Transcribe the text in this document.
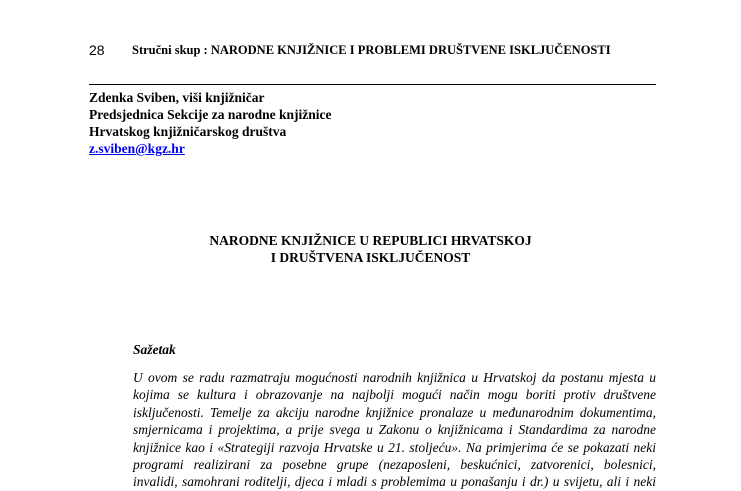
28 Stručni skup : NARODNE KNJIŽNICE I PROBLEMI DRUŠTVENE ISKLJUČENOSTI
Zdenka Sviben, viši knjižničar
Predsjednica Sekcije za narodne knjižnice
Hrvatskog knjižničarskog društva
z.sviben@kgz.hr
NARODNE KNJIŽNICE U REPUBLICI HRVATSKOJ
I DRUŠTVENA ISKLJUČENOST
Sažetak
U ovom se radu razmatraju mogućnosti narodnih knjižnica u Hrvatskoj da postanu mjesta u
kojima se kultura i obrazovanje na najbolji mogući način mogu boriti protiv društvene
isključenosti. Temelje za akciju narodne knjižnice pronalaze u međunarodnim dokumentima,
smjernicama i projektima, a prije svega u Zakonu o knjižnicama i Standardima za narodne
knjižnice kao i «Strategiji razvoja Hrvatske u 21. stoljeću». Na primjerima će se pokazati neki
programi realizirani za posebne grupe (nezaposleni, beskućnici, zatvorenici, bolesnici,
invalidi, samohrani roditelji, djeca i mladi s problemima u ponašanju i dr.) u svijetu, ali i neki
